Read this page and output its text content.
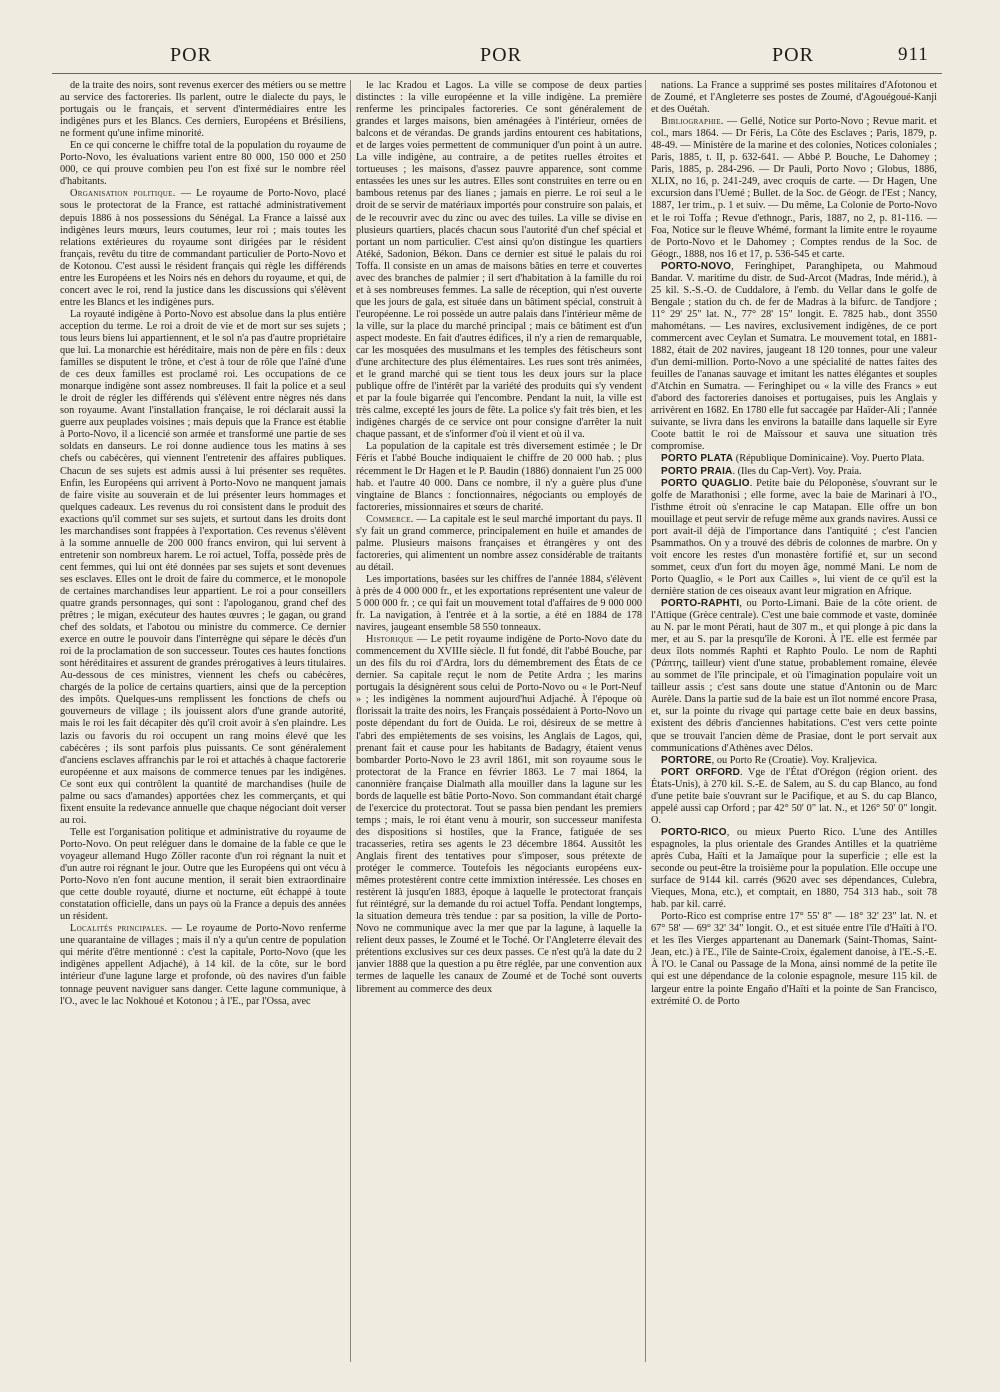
POR	POR	POR	911

de la traite des noirs, sont revenus exercer des métiers ou se mettre au service des factoreries. Ils parlent, outre le dialecte du pays, le portugais ou le français, et servent d'intermédiaires entre les indigènes purs et les Blancs. Ces derniers, Européens et Brésiliens, ne forment qu'une infime minorité.

En ce qui concerne le chiffre total de la population du royaume de Porto-Novo, les évaluations varient entre 80 000, 150 000 et 250 000, ce qui prouve combien peu l'on est fixé sur le nombre réel d'habitants.

Organisation politique. — Le royaume de Porto-Novo, placé sous le protectorat de la France, est rattaché administrativement depuis 1886 à nos possessions du Sénégal. La France a laissé aux indigènes leurs mœurs, leurs coutumes, leur roi ; mais toutes les relations extérieures du royaume sont dirigées par le résident français, revêtu du titre de commandant particulier de Porto-Novo et de Kotonou. C'est aussi le résident français qui règle les différends entre les Européens et les Noirs nés en dehors du royaume, et qui, de concert avec le roi, rend la justice dans les discussions qui s'élèvent entre les Blancs et les indigènes purs.

La royauté indigène à Porto-Novo est absolue dans la plus entière acception du terme. Le roi a droit de vie et de mort sur ses sujets ; tous leurs biens lui appartiennent, et le sol n'a pas d'autre propriétaire que lui. La monarchie est héréditaire, mais non de père en fils : deux familles se disputent le trône, et c'est à tour de rôle que l'aîné d'une de ces deux familles est proclamé roi. Les occupations de ce monarque indigène sont assez nombreuses. Il fait la police et a seul le droit de régler les différends qui s'élèvent entre nègres nés dans son royaume. Avant l'installation française, le roi déclarait aussi la guerre aux peuplades voisines ; mais depuis que la France est établie à Porto-Novo, il a licencié son armée et transformé une partie de ses soldats en danseurs. Le roi donne audience tous les matins à ses chefs ou cabécères, qui viennent l'entretenir des affaires publiques. Chacun de ses sujets est admis aussi à lui présenter ses requêtes. Enfin, les Européens qui arrivent à Porto-Novo ne manquent jamais de faire visite au souverain et de lui présenter leurs hommages et quelques cadeaux. Les revenus du roi consistent dans le produit des exactions qu'il commet sur ses sujets, et surtout dans les droits dont les marchandises sont frappées à l'exportation. Ces revenus s'élèvent à la somme annuelle de 200 000 francs environ, qui lui servent à entretenir son nombreux harem. Le roi actuel, Toffa, possède près de cent femmes, qui lui ont été données par ses sujets et sont devenues ses esclaves. Elles ont le droit de faire du commerce, et le monopole de certaines marchandises leur appartient. Le roi a pour conseillers quatre grands personnages, qui sont : l'apologanou, grand chef des prêtres ; le migan, exécuteur des hautes œuvres ; le gagan, ou grand chef des soldats, et l'abotou ou ministre du commerce. Ce dernier exerce en outre le pouvoir dans l'interrègne qui sépare le décès d'un roi de la proclamation de son successeur. Toutes ces hautes fonctions sont héréditaires et assurent de grandes prérogatives à leurs titulaires. Au-dessous de ces ministres, viennent les chefs ou cabécères, chargés de la police de certains quartiers, ainsi que de la perception des impôts. Quelques-uns remplissent les fonctions de chefs ou gouverneurs de village ; ils jouissent alors d'une grande autorité, mais le roi les fait décapiter dès qu'il croit avoir à s'en plaindre. Les lazis ou favoris du roi occupent un rang moins élevé que les cabécères ; ils sont parfois plus puissants. Ce sont généralement d'anciens esclaves affranchis par le roi et attachés à chaque factorerie européenne et aux maisons de commerce tenues par les indigènes. Ce sont eux qui contrôlent la quantité de marchandises (huile de palme ou sacs d'amandes) apportées chez les commerçants, et qui fixent ensuite la redevance annuelle que chaque négociant doit verser au roi.

Telle est l'organisation politique et administrative du royaume de Porto-Novo. On peut reléguer dans le domaine de la fable ce que le voyageur allemand Hugo Zöller raconte d'un roi régnant la nuit et d'un autre roi régnant le jour. Outre que les Européens qui ont vécu à Porto-Novo n'en font aucune mention, il serait bien extraordinaire que cette double royauté, diurne et nocturne, eût échappé à toute constatation officielle, dans un pays où la France a depuis des années un résident.

Localités principales. — Le royaume de Porto-Novo renferme une quarantaine de villages ; mais il n'y a qu'un centre de population qui mérite d'être mentionné : c'est la capitale, Porto-Novo (que les indigènes appellent Adjaché), à 14 kil. de la côte, sur le bord intérieur d'une lagune large et profonde, où des navires d'un faible tonnage peuvent naviguer sans danger. Cette lagune communique, à l'O., avec le lac Nokhoué et Kotonou ; à l'E., par l'Ossa, avec

le lac Kradou et Lagos. La ville se compose de deux parties distinctes : la ville européenne et la ville indigène. La première renferme les principales factoreries. Ce sont généralement de grandes et larges maisons, bien aménagées à l'intérieur, ornées de balcons et de vérandas. De grands jardins entourent ces habitations, et de larges voies permettent de communiquer d'un point à un autre. La ville indigène, au contraire, a de petites ruelles étroites et tortueuses ; les maisons, d'assez pauvre apparence, sont comme entassées les unes sur les autres. Elles sont construites en terre ou en bambous retenus par des lianes ; jamais en pierre. Le roi seul a le droit de se servir de matériaux importés pour construire son palais, et de le recouvrir avec du zinc ou avec des tuiles. La ville se divise en plusieurs quartiers, placés chacun sous l'autorité d'un chef spécial et portant un nom particulier. C'est ainsi qu'on distingue les quartiers Atéké, Sadonion, Békon. Dans ce dernier est situé le palais du roi Toffa. Il consiste en un amas de maisons bâties en terre et couvertes avec des branches de palmier ; il sert d'habitation à la famille du roi et à ses nombreuses femmes. La salle de réception, qui n'est ouverte que les jours de gala, est située dans un bâtiment spécial, construit à l'européenne. Le roi possède un autre palais dans l'intérieur même de la ville, sur la place du marché principal ; mais ce bâtiment est d'un aspect modeste. En fait d'autres édifices, il n'y a rien de remarquable, car les mosquées des musulmans et les temples des fétischeurs sont d'une architecture des plus élémentaires. Les rues sont très animées, et le grand marché qui se tient tous les deux jours sur la place publique offre de l'intérêt par la variété des produits qui s'y vendent et par la foule bigarrée qui l'encombre. Pendant la nuit, la ville est très calme, excepté les jours de fête. La police s'y fait très bien, et les indigènes chargés de ce service ont pour consigne d'arrêter la nuit chaque passant, et de s'informer d'où il vient et où il va.

La population de la capitale est très diversement estimée ; le Dr Féris et l'abbé Bouche indiquaient le chiffre de 20 000 hab. ; plus récemment le Dr Hagen et le P. Baudin (1886) donnaient l'un 25 000 hab. et l'autre 40 000. Dans ce nombre, il n'y a guère plus d'une vingtaine de Blancs : fonctionnaires, négociants ou employés de factoreries, missionnaires et sœurs de charité.

Commerce. — La capitale est le seul marché important du pays. Il s'y fait un grand commerce, principalement en huile et amandes de palme. Plusieurs maisons françaises et étrangères y ont des factoreries, qui alimentent un nombre assez considérable de traitants au détail.

Les importations, basées sur les chiffres de l'année 1884, s'élèvent à près de 4 000 000 fr., et les exportations représentent une valeur de 5 000 000 fr. ; ce qui fait un mouvement total d'affaires de 9 000 000 fr. La navigation, à l'entrée et à la sortie, a été en 1884 de 178 navires, jaugeant ensemble 58 550 tonneaux.

Historique — Le petit royaume indigène de Porto-Novo date du commencement du XVIIIe siècle. Il fut fondé, dit l'abbé Bouche, par un des fils du roi d'Ardra, lors du démembrement des États de ce dernier. Sa capitale reçut le nom de Petite Ardra ; les marins portugais la désignèrent sous celui de Porto-Novo ou « le Port-Neuf » ; les indigènes la nomment aujourd'hui Adjaché. À l'époque où florissait la traite des noirs, les Français possédaient à Porto-Novo un poste dépendant du fort de Ouida. Le roi, désireux de se mettre à l'abri des empiètements de ses voisins, les Anglais de Lagos, qui, prenant fait et cause pour les habitants de Badagry, étaient venus bombarder Porto-Novo le 23 avril 1861, mit son royaume sous le protectorat de la France en février 1863. Le 7 mai 1864, la canonnière française Dialmath alla mouiller dans la lagune sur les bords de laquelle est bâtie Porto-Novo. Son commandant était chargé de l'exercice du protectorat. Tout se passa bien pendant les premiers temps ; mais, le roi étant venu à mourir, son successeur manifesta des dispositions si hostiles, que la France, fatiguée de ses tracasseries, retira ses agents le 23 décembre 1864. Aussitôt les Anglais firent des tentatives pour s'imposer, sous prétexte de protéger le commerce. Toutefois les négociants européens eux-mêmes protestèrent contre cette immixtion intéressée. Les choses en restèrent là jusqu'en 1883, époque à laquelle le protectorat français fut réintégré, sur la demande du roi actuel Toffa. Pendant longtemps, la situation demeura très tendue : par sa position, la ville de Porto-Novo ne communique avec la mer que par la lagune, à laquelle la relient deux passes, le Zoumé et le Toché. Or l'Angleterre élevait des prétentions exclusives sur ces deux passes. Ce n'est qu'à la date du 2 janvier 1888 que la question a pu être réglée, par une convention aux termes de laquelle les canaux de Zoumé et de Toché sont ouverts librement au commerce des deux

nations. La France a supprimé ses postes militaires d'Afotonou et de Zoumé, et l'Angleterre ses postes de Zoumé, d'Agouégoué-Kanji et des Ouétah.

Bibliographie. — Gellé, Notice sur Porto-Novo ; Revue marit. et col., mars 1864. — Dr Féris, La Côte des Esclaves ; Paris, 1879, p. 48-49. — Ministère de la marine et des colonies, Notices coloniales ; Paris, 1885, t. II, p. 632-641. — Abbé P. Bouche, Le Dahomey ; Paris, 1885, p. 284-296. — Dr Pauli, Porto Novo ; Globus, 1886, XLIX, no 16, p. 241-249, avec croquis de carte. — Dr Hagen, Une excursion dans l'Uemé ; Bullet. de la Soc. de Géogr. de l'Est ; Nancy, 1887, 1er trim., p. 1 et suiv. — Du même, La Colonie de Porto-Novo et le roi Toffa ; Revue d'ethnogr., Paris, 1887, no 2, p. 81-116. — Foa, Notice sur le fleuve Whémé, formant la limite entre le royaume de Porto-Novo et le Dahomey ; Comptes rendus de la Soc. de Géogr., 1888, nos 16 et 17, p. 536-545 et carte.

PORTO-NOVO, Feringhipet, Paranghipeta, ou Mahmoud Bandar. V. maritime du distr. de Sud-Arcot (Madras, Inde mérid.), à 25 kil. S.-S.-O. de Cuddalore, à l'emb. du Vellar dans le golfe de Bengale ; station du ch. de fer de Madras à la bifurc. de Tandjore ; 11° 29' 25" lat. N., 77° 28' 15" longit. E. 7825 hab., dont 3550 mahométans. — Les navires, exclusivement indigènes, de ce port commercent avec Ceylan et Sumatra. Le mouvement total, en 1881-1882, était de 202 navires, jaugeant 18 120 tonnes, pour une valeur d'un demi-million. Porto-Novo a une spécialité de nattes faites des feuilles de l'ananas sauvage et imitant les nattes élégantes et souples d'Atchin en Sumatra. — Feringhipet ou « la ville des Francs » eut d'abord des factoreries danoises et portugaises, puis les Anglais y arrivèrent en 1682. En 1780 elle fut saccagée par Haïder-Ali ; l'année suivante, se livra dans les environs la bataille dans laquelle sir Eyre Coote battit le roi de Maïssour et sauva une situation très compromise.

PORTO PLATA (République Dominicaine). Voy. Puerto Plata.

PORTO PRAIA. (Iles du Cap-Vert). Voy. Praia.

PORTO QUAGLIO. Petite baie du Péloponèse, s'ouvrant sur le golfe de Marathonisi ; elle forme, avec la baie de Marinari à l'O., l'isthme étroit où s'enracine le cap Matapan. Elle offre un bon mouillage et peut servir de refuge même aux grands navires. Aussi ce port avait-il déjà de l'importance dans l'antiquité ; c'est l'ancien Psammathos. On y a trouvé des débris de colonnes de marbre. On y voit encore les restes d'un monastère fortifié et, sur un second sommet, ceux d'un fort du moyen âge, nommé Mani. Le nom de Porto Quaglio, « le Port aux Cailles », lui vient de ce qu'il est la dernière station de ces oiseaux avant leur migration en Afrique.

PORTO-RAPHTI, ou Porto-Limani. Baie de la côte orient. de l'Attique (Grèce centrale). C'est une baie commode et vaste, dominée au N. par le mont Pérati, haut de 307 m., et qui plonge à pic dans la mer, et au S. par la presqu'île de Koroni. À l'E. elle est fermée par deux îlots nommés Raphti et Raphto Poulo. Le nom de Raphti (Ῥάπτης, tailleur) vient d'une statue, probablement romaine, élevée au sommet de l'île principale, et où l'imagination populaire voit un tailleur assis ; c'est sans doute une statue d'Antonin ou de Marc Aurèle. Dans la partie sud de la baie est un îlot nommé encore Prasa, et, sur la pointe du rivage qui partage cette baie en deux bassins, existent des débris d'anciennes habitations. C'est vers cette pointe que se trouvait l'ancien dème de Prasiae, dont le port servait aux communications d'Athènes avec Délos.

PORTORE, ou Porto Re (Croatie). Voy. Kraljevica.

PORT ORFORD. Vge de l'État d'Orégon (région orient. des États-Unis), à 270 kil. S.-E. de Salem, au S. du cap Blanco, au fond d'une petite baie s'ouvrant sur le Pacifique, et au S. du cap Blanco, appelé aussi cap Orford ; par 42° 50' 0" lat. N., et 126° 50' 0" longit. O.

PORTO-RICO, ou mieux Puerto Rico. L'une des Antilles espagnoles, la plus orientale des Grandes Antilles et la quatrième après Cuba, Haïti et la Jamaïque pour la superficie ; elle est la seconde ou peut-être la troisième pour la population. Elle occupe une surface de 9144 kil. carrés (9620 avec ses dépendances, Culebra, Vieques, Mona, etc.), et comptait, en 1880, 754 313 hab., soit 78 hab. par kil. carré.

Porto-Rico est comprise entre 17° 55' 8" — 18° 32' 23" lat. N. et 67° 58' — 69° 32' 34" longit. O., et est située entre l'île d'Haïti à l'O. et les îles Vierges appartenant au Danemark (Saint-Thomas, Saint-Jean, etc.) à l'E., l'île de Sainte-Croix, également danoise, à l'E.-S.-E. À l'O. le Canal ou Passage de la Mona, ainsi nommé de la petite île qui est une dépendance de la colonie espagnole, mesure 115 kil. de largeur entre la pointe Engaño d'Haïti et la pointe de San Francisco, extrémité O. de Porto
